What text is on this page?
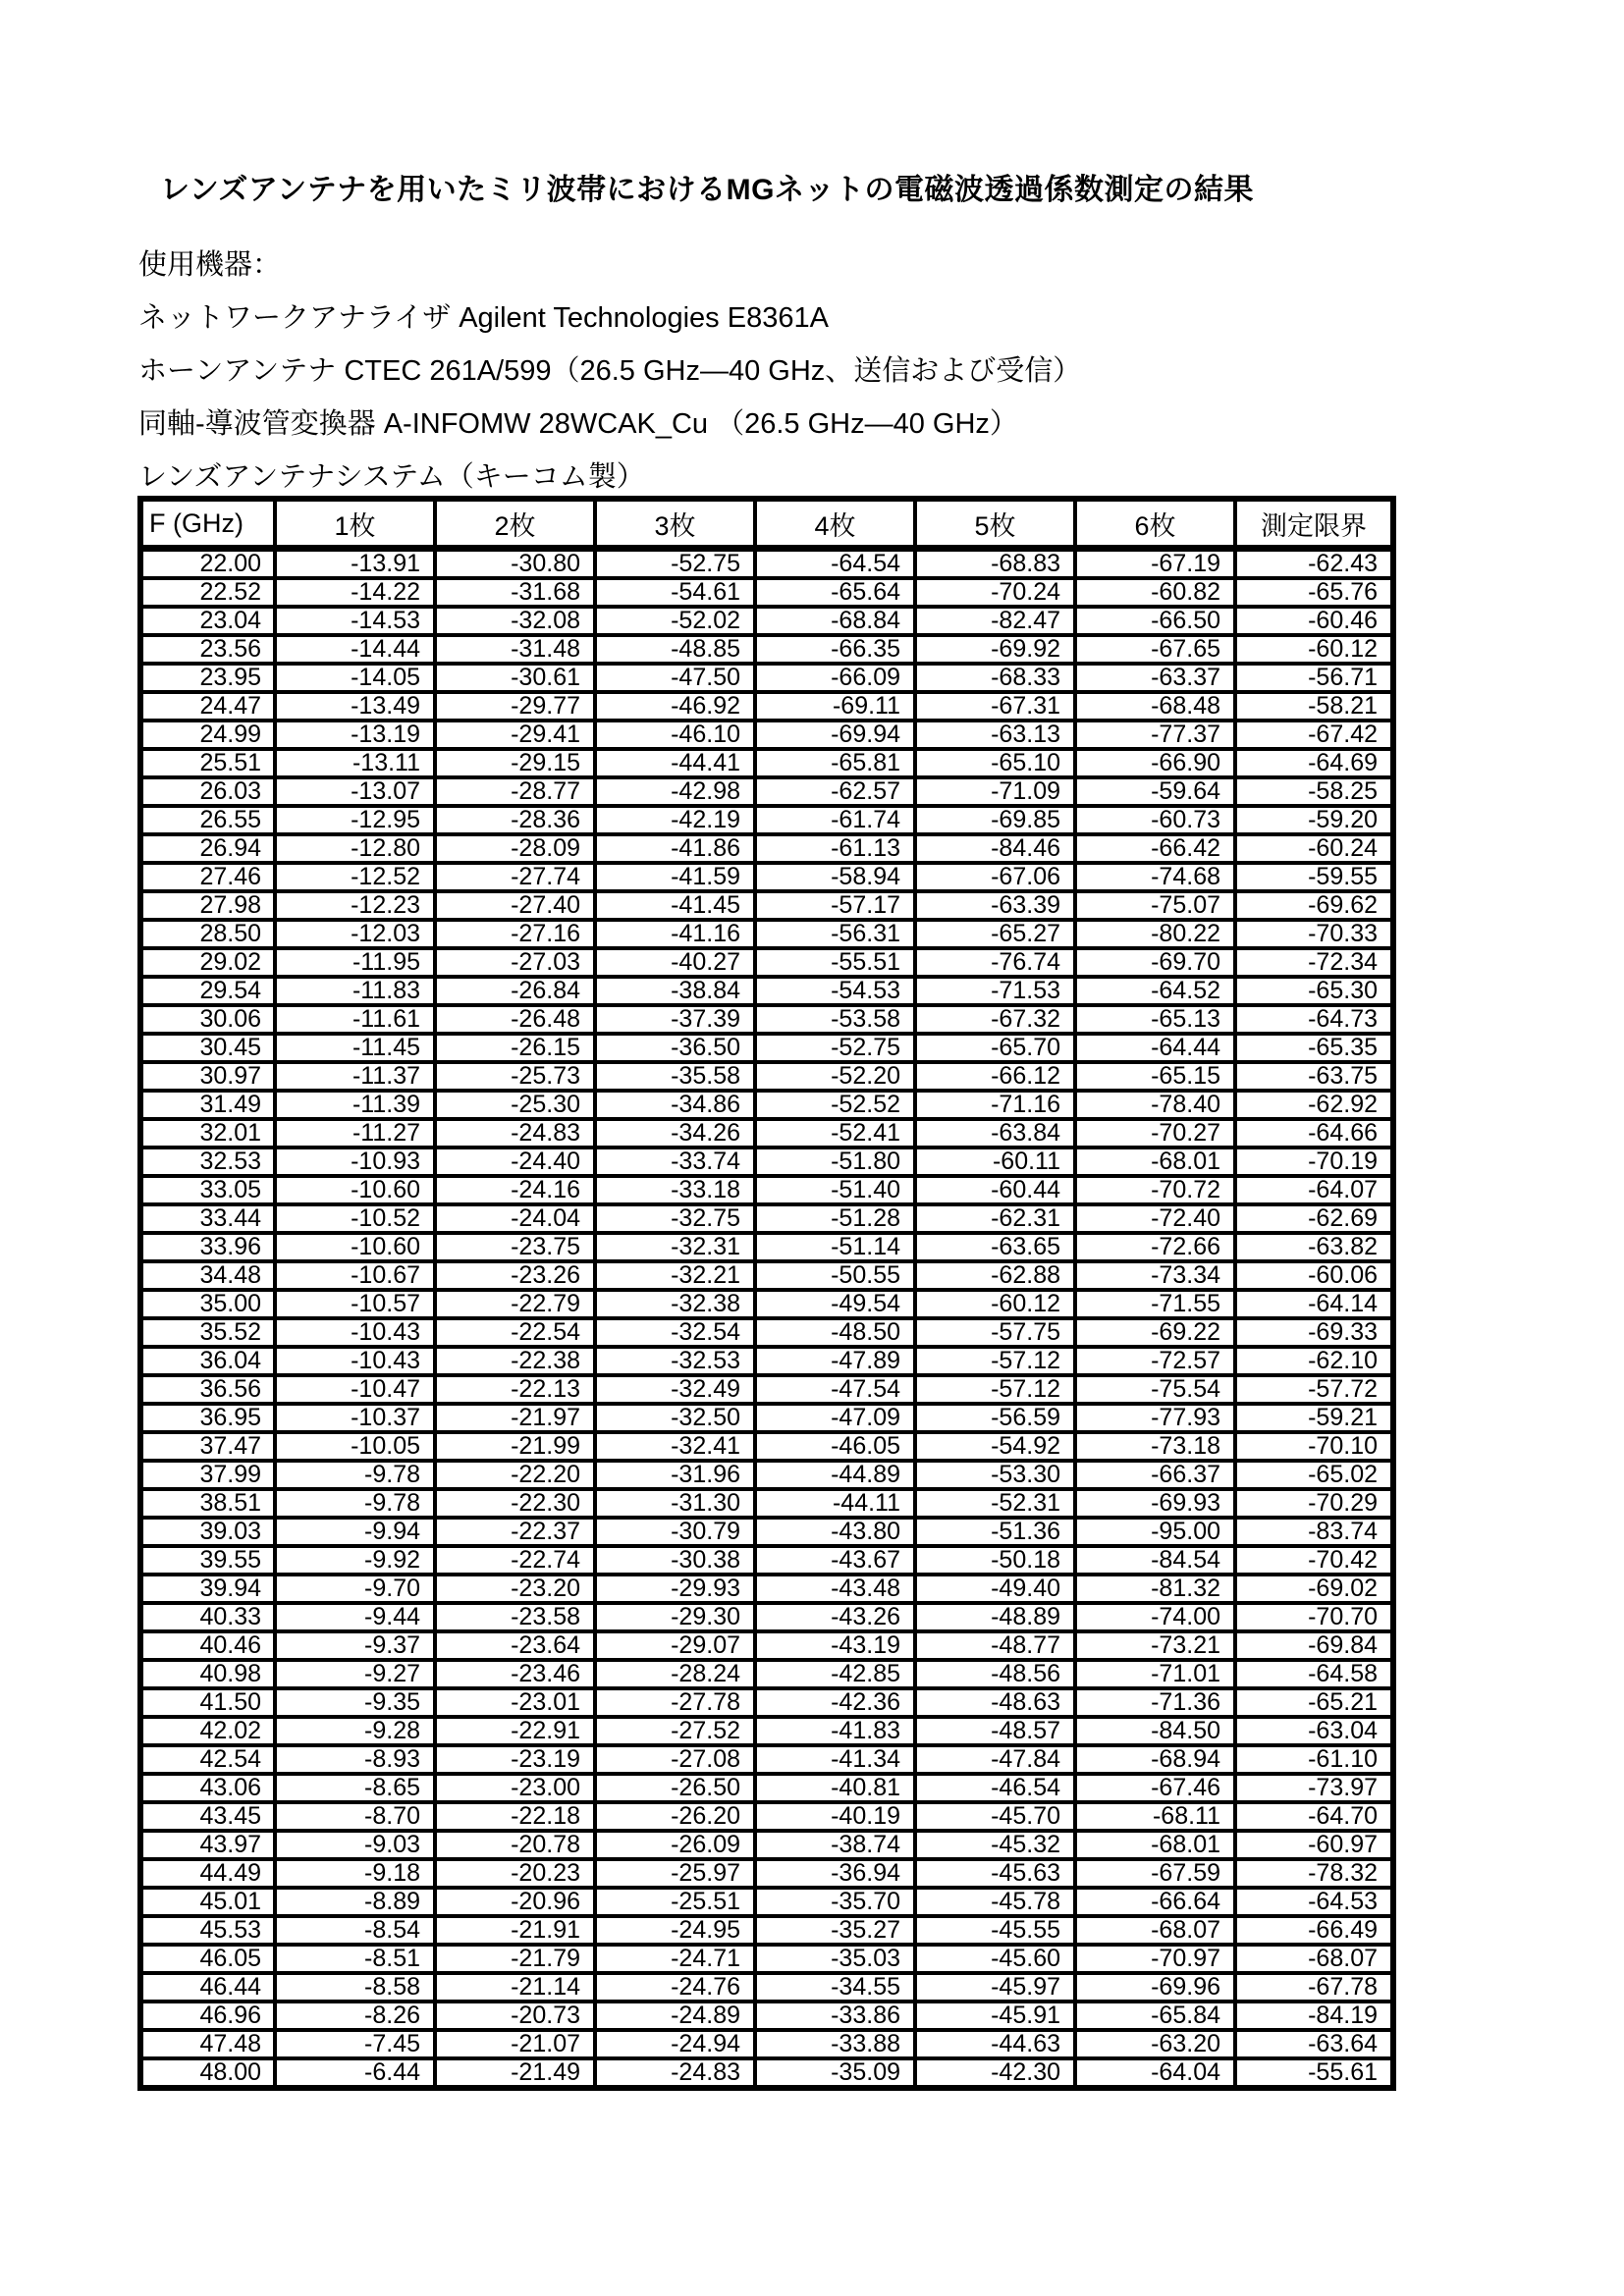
レンズアンテナを用いたミリ波帯におけるMGネットの電磁波透過係数測定の結果

使用機器：

ネットワークアナライザ Agilent Technologies E8361A

ホーンアンテナ CTEC 261A/599（26.5 GHz—40 GHz、送信および受信）

同軸-導波管変換器 A-INFOMW 28WCAK_Cu （26.5 GHz—40 GHz）

レンズアンテナシステム（キーコム製）

F (GHz)	1枚	2枚	3枚	4枚	5枚	6枚	測定限界
22.00	-13.91	-30.80	-52.75	-64.54	-68.83	-67.19	-62.43
22.52	-14.22	-31.68	-54.61	-65.64	-70.24	-60.82	-65.76
23.04	-14.53	-32.08	-52.02	-68.84	-82.47	-66.50	-60.46
23.56	-14.44	-31.48	-48.85	-66.35	-69.92	-67.65	-60.12
23.95	-14.05	-30.61	-47.50	-66.09	-68.33	-63.37	-56.71
24.47	-13.49	-29.77	-46.92	-69.11	-67.31	-68.48	-58.21
24.99	-13.19	-29.41	-46.10	-69.94	-63.13	-77.37	-67.42
25.51	-13.11	-29.15	-44.41	-65.81	-65.10	-66.90	-64.69
26.03	-13.07	-28.77	-42.98	-62.57	-71.09	-59.64	-58.25
26.55	-12.95	-28.36	-42.19	-61.74	-69.85	-60.73	-59.20
26.94	-12.80	-28.09	-41.86	-61.13	-84.46	-66.42	-60.24
27.46	-12.52	-27.74	-41.59	-58.94	-67.06	-74.68	-59.55
27.98	-12.23	-27.40	-41.45	-57.17	-63.39	-75.07	-69.62
28.50	-12.03	-27.16	-41.16	-56.31	-65.27	-80.22	-70.33
29.02	-11.95	-27.03	-40.27	-55.51	-76.74	-69.70	-72.34
29.54	-11.83	-26.84	-38.84	-54.53	-71.53	-64.52	-65.30
30.06	-11.61	-26.48	-37.39	-53.58	-67.32	-65.13	-64.73
30.45	-11.45	-26.15	-36.50	-52.75	-65.70	-64.44	-65.35
30.97	-11.37	-25.73	-35.58	-52.20	-66.12	-65.15	-63.75
31.49	-11.39	-25.30	-34.86	-52.52	-71.16	-78.40	-62.92
32.01	-11.27	-24.83	-34.26	-52.41	-63.84	-70.27	-64.66
32.53	-10.93	-24.40	-33.74	-51.80	-60.11	-68.01	-70.19
33.05	-10.60	-24.16	-33.18	-51.40	-60.44	-70.72	-64.07
33.44	-10.52	-24.04	-32.75	-51.28	-62.31	-72.40	-62.69
33.96	-10.60	-23.75	-32.31	-51.14	-63.65	-72.66	-63.82
34.48	-10.67	-23.26	-32.21	-50.55	-62.88	-73.34	-60.06
35.00	-10.57	-22.79	-32.38	-49.54	-60.12	-71.55	-64.14
35.52	-10.43	-22.54	-32.54	-48.50	-57.75	-69.22	-69.33
36.04	-10.43	-22.38	-32.53	-47.89	-57.12	-72.57	-62.10
36.56	-10.47	-22.13	-32.49	-47.54	-57.12	-75.54	-57.72
36.95	-10.37	-21.97	-32.50	-47.09	-56.59	-77.93	-59.21
37.47	-10.05	-21.99	-32.41	-46.05	-54.92	-73.18	-70.10
37.99	-9.78	-22.20	-31.96	-44.89	-53.30	-66.37	-65.02
38.51	-9.78	-22.30	-31.30	-44.11	-52.31	-69.93	-70.29
39.03	-9.94	-22.37	-30.79	-43.80	-51.36	-95.00	-83.74
39.55	-9.92	-22.74	-30.38	-43.67	-50.18	-84.54	-70.42
39.94	-9.70	-23.20	-29.93	-43.48	-49.40	-81.32	-69.02
40.33	-9.44	-23.58	-29.30	-43.26	-48.89	-74.00	-70.70
40.46	-9.37	-23.64	-29.07	-43.19	-48.77	-73.21	-69.84
40.98	-9.27	-23.46	-28.24	-42.85	-48.56	-71.01	-64.58
41.50	-9.35	-23.01	-27.78	-42.36	-48.63	-71.36	-65.21
42.02	-9.28	-22.91	-27.52	-41.83	-48.57	-84.50	-63.04
42.54	-8.93	-23.19	-27.08	-41.34	-47.84	-68.94	-61.10
43.06	-8.65	-23.00	-26.50	-40.81	-46.54	-67.46	-73.97
43.45	-8.70	-22.18	-26.20	-40.19	-45.70	-68.11	-64.70
43.97	-9.03	-20.78	-26.09	-38.74	-45.32	-68.01	-60.97
44.49	-9.18	-20.23	-25.97	-36.94	-45.63	-67.59	-78.32
45.01	-8.89	-20.96	-25.51	-35.70	-45.78	-66.64	-64.53
45.53	-8.54	-21.91	-24.95	-35.27	-45.55	-68.07	-66.49
46.05	-8.51	-21.79	-24.71	-35.03	-45.60	-70.97	-68.07
46.44	-8.58	-21.14	-24.76	-34.55	-45.97	-69.96	-67.78
46.96	-8.26	-20.73	-24.89	-33.86	-45.91	-65.84	-84.19
47.48	-7.45	-21.07	-24.94	-33.88	-44.63	-63.20	-63.64
48.00	-6.44	-21.49	-24.83	-35.09	-42.30	-64.04	-55.61
